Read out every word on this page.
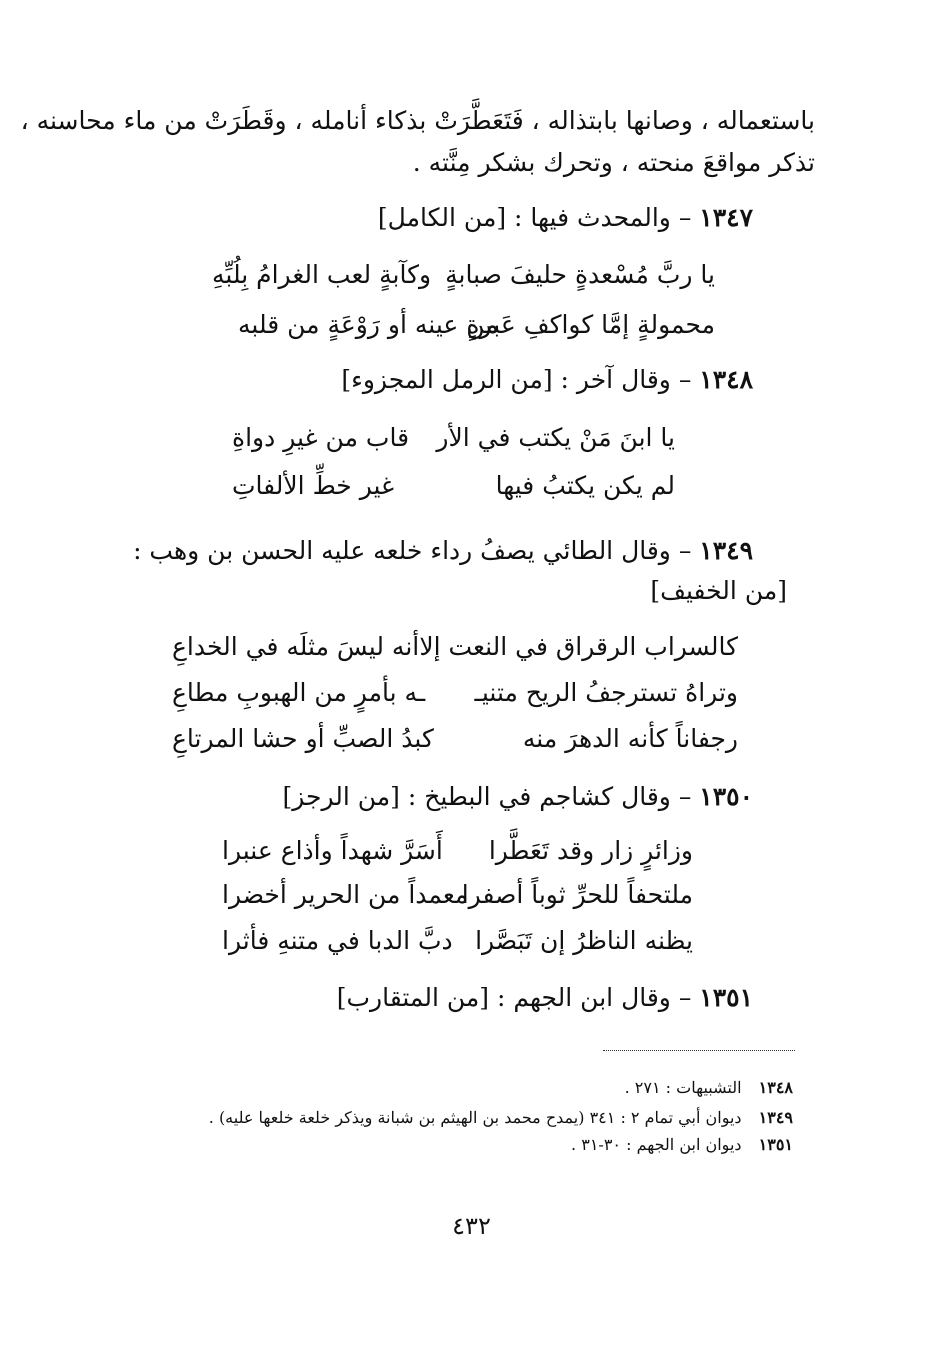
باستعماله ، وصانها بابتذاله ، فَتَعَطَّرَتْ بذكاء أنامله ، وقَطَرَتْ من ماء محاسنه ،
تذكر مواقعَ منحته ، وتحرك بشكر مِنَّته .
١٣٤٧ – والمحدث فيها : [من الكامل]
يا ربَّ مُسْعدةٍ حليفَ صبابةٍ
وكآبةٍ لعب الغرامُ بِلُبِّهِ
محمولةٍ إمَّا كواكفِ عَبرةٍ
من عينه أو رَوْعَةٍ من قلبه
١٣٤٨ – وقال آخر : [من الرمل المجزوء]
يا ابنَ مَنْ يكتب في الأر
قاب من غيرِ دواةِ
لم يكن يكتبُ فيها
غير خطِّ الألفاتِ
١٣٤٩ – وقال الطائي يصفُ رداء خلعه عليه الحسن بن وهب :
[من الخفيف]
كالسراب الرقراق في النعت إلا
أنه ليسَ مثلَه في الخداعِ
وتراهُ تسترجفُ الريح متنيـ
ـه بأمرٍ من الهبوبِ مطاعِ
رجفاناً كأنه الدهرَ منه
كبدُ الصبِّ أو حشا المرتاعِ
١٣٥٠ – وقال كشاجم في البطيخ : [من الرجز]
وزائرٍ زار وقد تَعَطَّرا
أَسَرَّ شهداً وأذاع عنبرا
ملتحفاً للحرِّ ثوباً أصفرا
معمداً من الحرير أخضرا
يظنه الناظرُ إن تَبَصَّرا
دبَّ الدبا في متنهِ فأثرا
١٣٥١ – وقال ابن الجهم : [من المتقارب]
١٣٤٨ التشبيهات : ٢٧١ .
١٣٤٩ ديوان أبي تمام ٢ : ٣٤١ (يمدح محمد بن الهيثم بن شبانة ويذكر خلعة خلعها عليه) .
١٣٥١ ديوان ابن الجهم : ٣٠-٣١ .
٤٣٢
